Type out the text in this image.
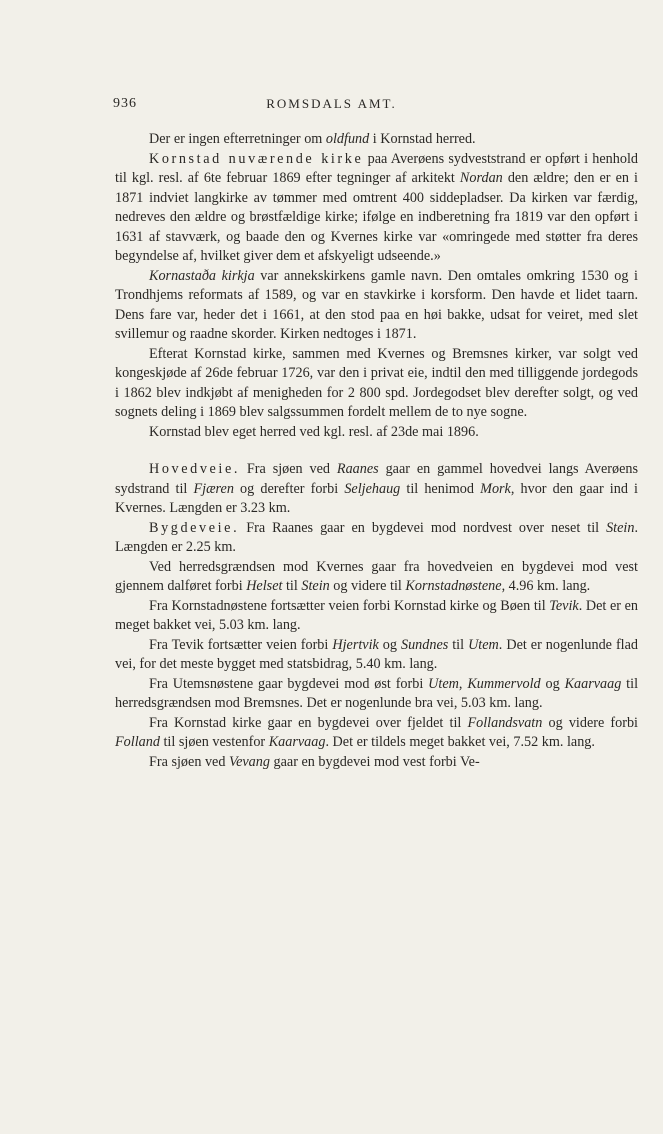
936	ROMSDALS AMT.

Der er ingen efterretninger om oldfund i Kornstad herred.

Kornstad nuværende kirke paa Averøens sydveststrand er opført i henhold til kgl. resl. af 6te februar 1869 efter tegninger af arkitekt Nordan den ældre; den er en i 1871 indviet langkirke av tømmer med omtrent 400 siddepladser. Da kirken var færdig, nedreves den ældre og brøstfældige kirke; ifølge en indberetning fra 1819 var den opført i 1631 af stavværk, og baade den og Kvernes kirke var «omringede med støtter fra deres begyndelse af, hvilket giver dem et afskyeligt udseende.»

Kornastaða kirkja var annekskirkens gamle navn. Den omtales omkring 1530 og i Trondhjems reformats af 1589, og var en stavkirke i korsform. Den havde et lidet taarn. Dens fare var, heder det i 1661, at den stod paa en høi bakke, udsat for veiret, med slet svillemur og raadne skorder. Kirken nedtoges i 1871.

Efterat Kornstad kirke, sammen med Kvernes og Bremsnes kirker, var solgt ved kongeskjøde af 26de februar 1726, var den i privat eie, indtil den med tilliggende jordegods i 1862 blev indkjøbt af menigheden for 2 800 spd. Jordegodset blev derefter solgt, og ved sognets deling i 1869 blev salgssummen fordelt mellem de to nye sogne.

Kornstad blev eget herred ved kgl. resl. af 23de mai 1896.

Hovedveie. Fra sjøen ved Raanes gaar en gammel hovedvei langs Averøens sydstrand til Fjæren og derefter forbi Seljehaug til henimod Mork, hvor den gaar ind i Kvernes. Længden er 3.23 km.

Bygdeveie. Fra Raanes gaar en bygdevei mod nordvest over neset til Stein. Længden er 2.25 km.

Ved herredsgrændsen mod Kvernes gaar fra hovedveien en bygdevei mod vest gjennem dalføret forbi Helset til Stein og videre til Kornstadnøstene, 4.96 km. lang.

Fra Kornstadnøstene fortsætter veien forbi Kornstad kirke og Bøen til Tevik. Det er en meget bakket vei, 5.03 km. lang.

Fra Tevik fortsætter veien forbi Hjertvik og Sundnes til Utem. Det er nogenlunde flad vei, for det meste bygget med statsbidrag, 5.40 km. lang.

Fra Utemsnøstene gaar bygdevei mod øst forbi Utem, Kummervold og Kaarvaag til herredsgrændsen mod Bremsnes. Det er nogenlunde bra vei, 5.03 km. lang.

Fra Kornstad kirke gaar en bygdevei over fjeldet til Follandsvatn og videre forbi Folland til sjøen vestenfor Kaarvaag. Det er tildels meget bakket vei, 7.52 km. lang.

Fra sjøen ved Vevang gaar en bygdevei mod vest forbi Ve-
